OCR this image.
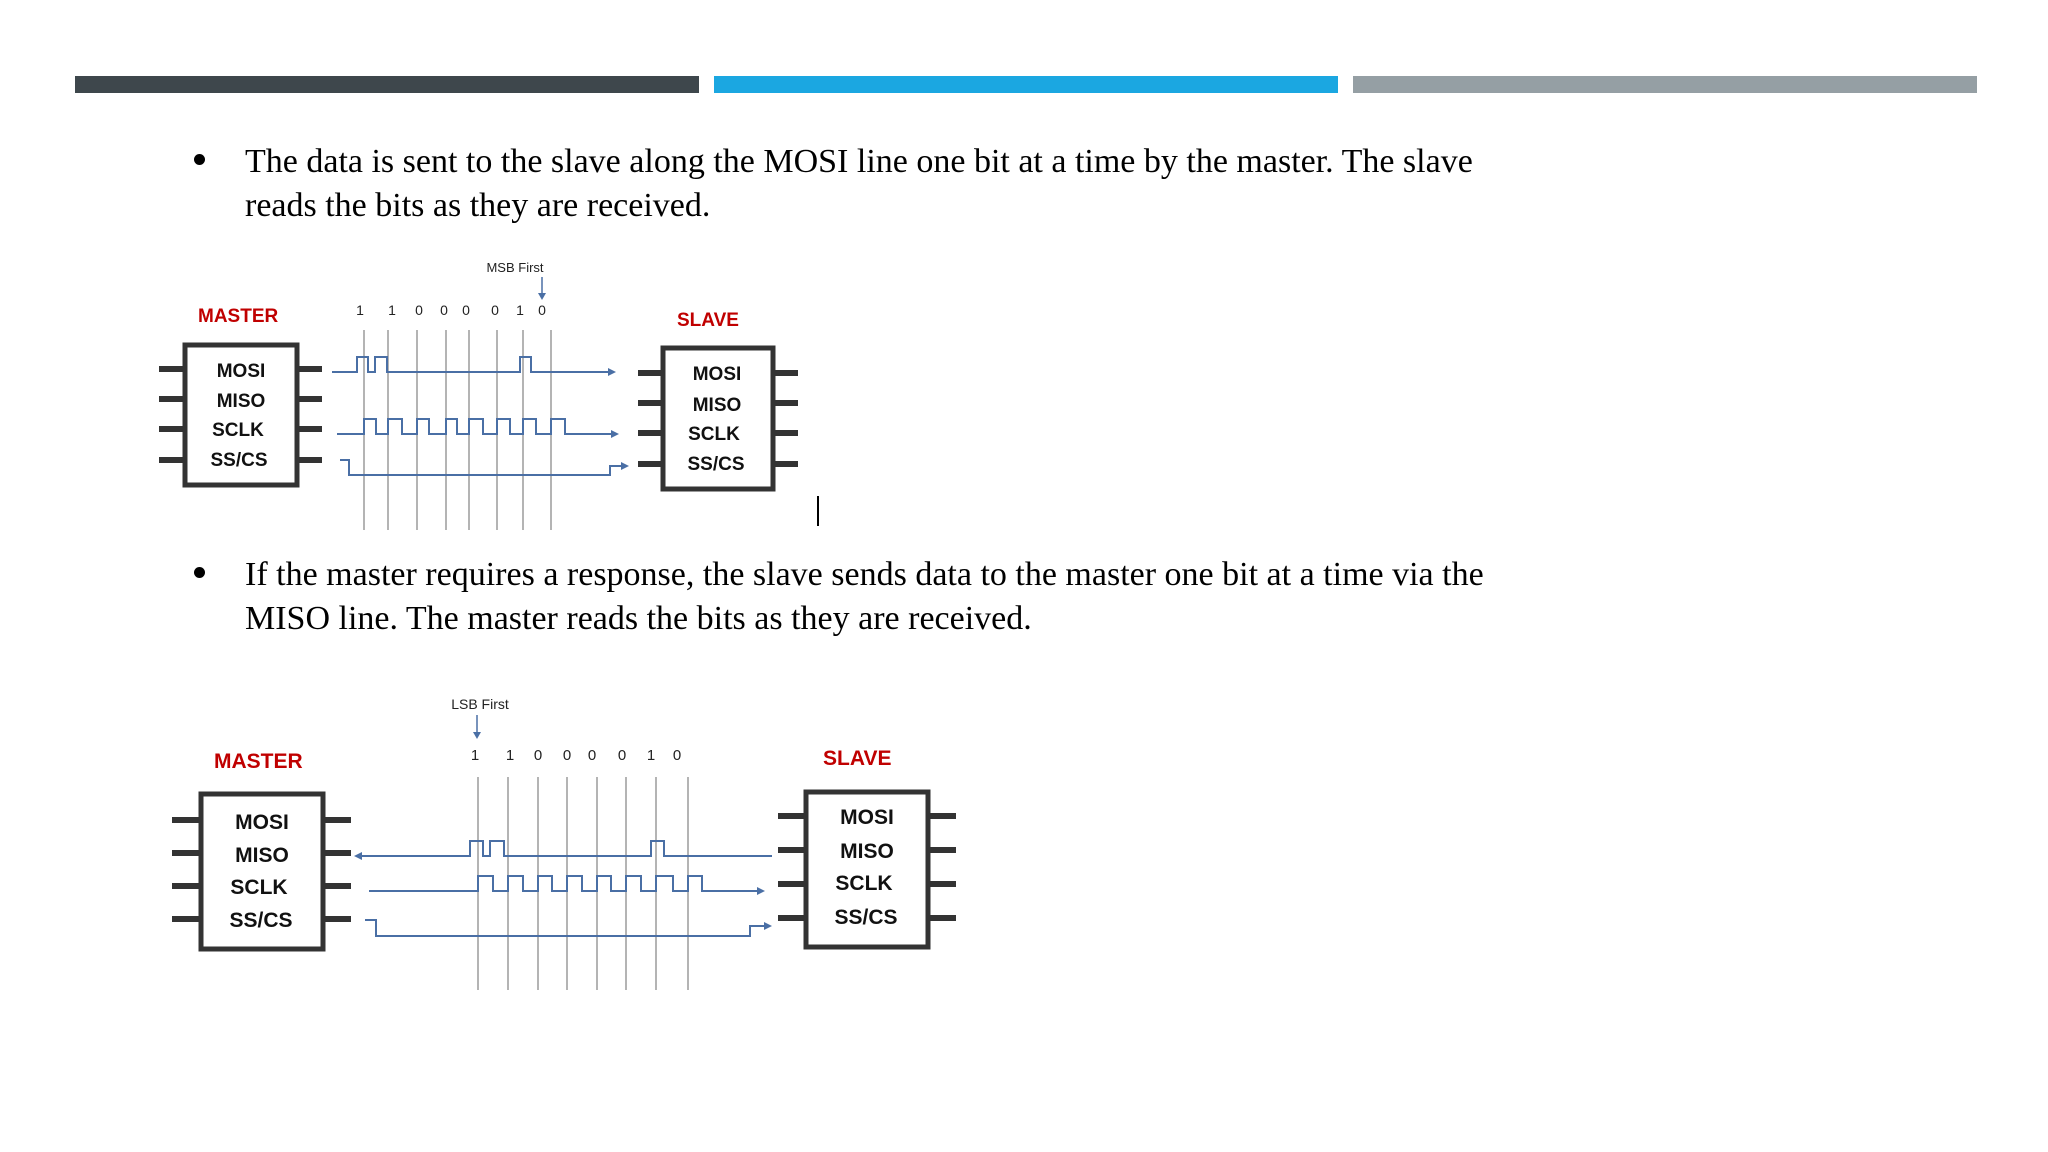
The data is sent to the slave along the MOSI line one bit at a time by the master. The slave reads the bits as they are received.
MASTER
MOSI
MISO
SCLK
SS/CS
MSB First
1 1 0 0 0 0 1 0	SLAVE
MOSI
MISO
SCLK
SS/CS
If the master requires a response, the slave sends data to the master one bit at a time via the MISO line. The master reads the bits as they are received.
MASTER
MOSI
MISO
SCLK
SS/CS
LSB First
1 1 0 0 0 0 1 0	SLAVE
MOSI
MISO
SCLK
SS/CS
